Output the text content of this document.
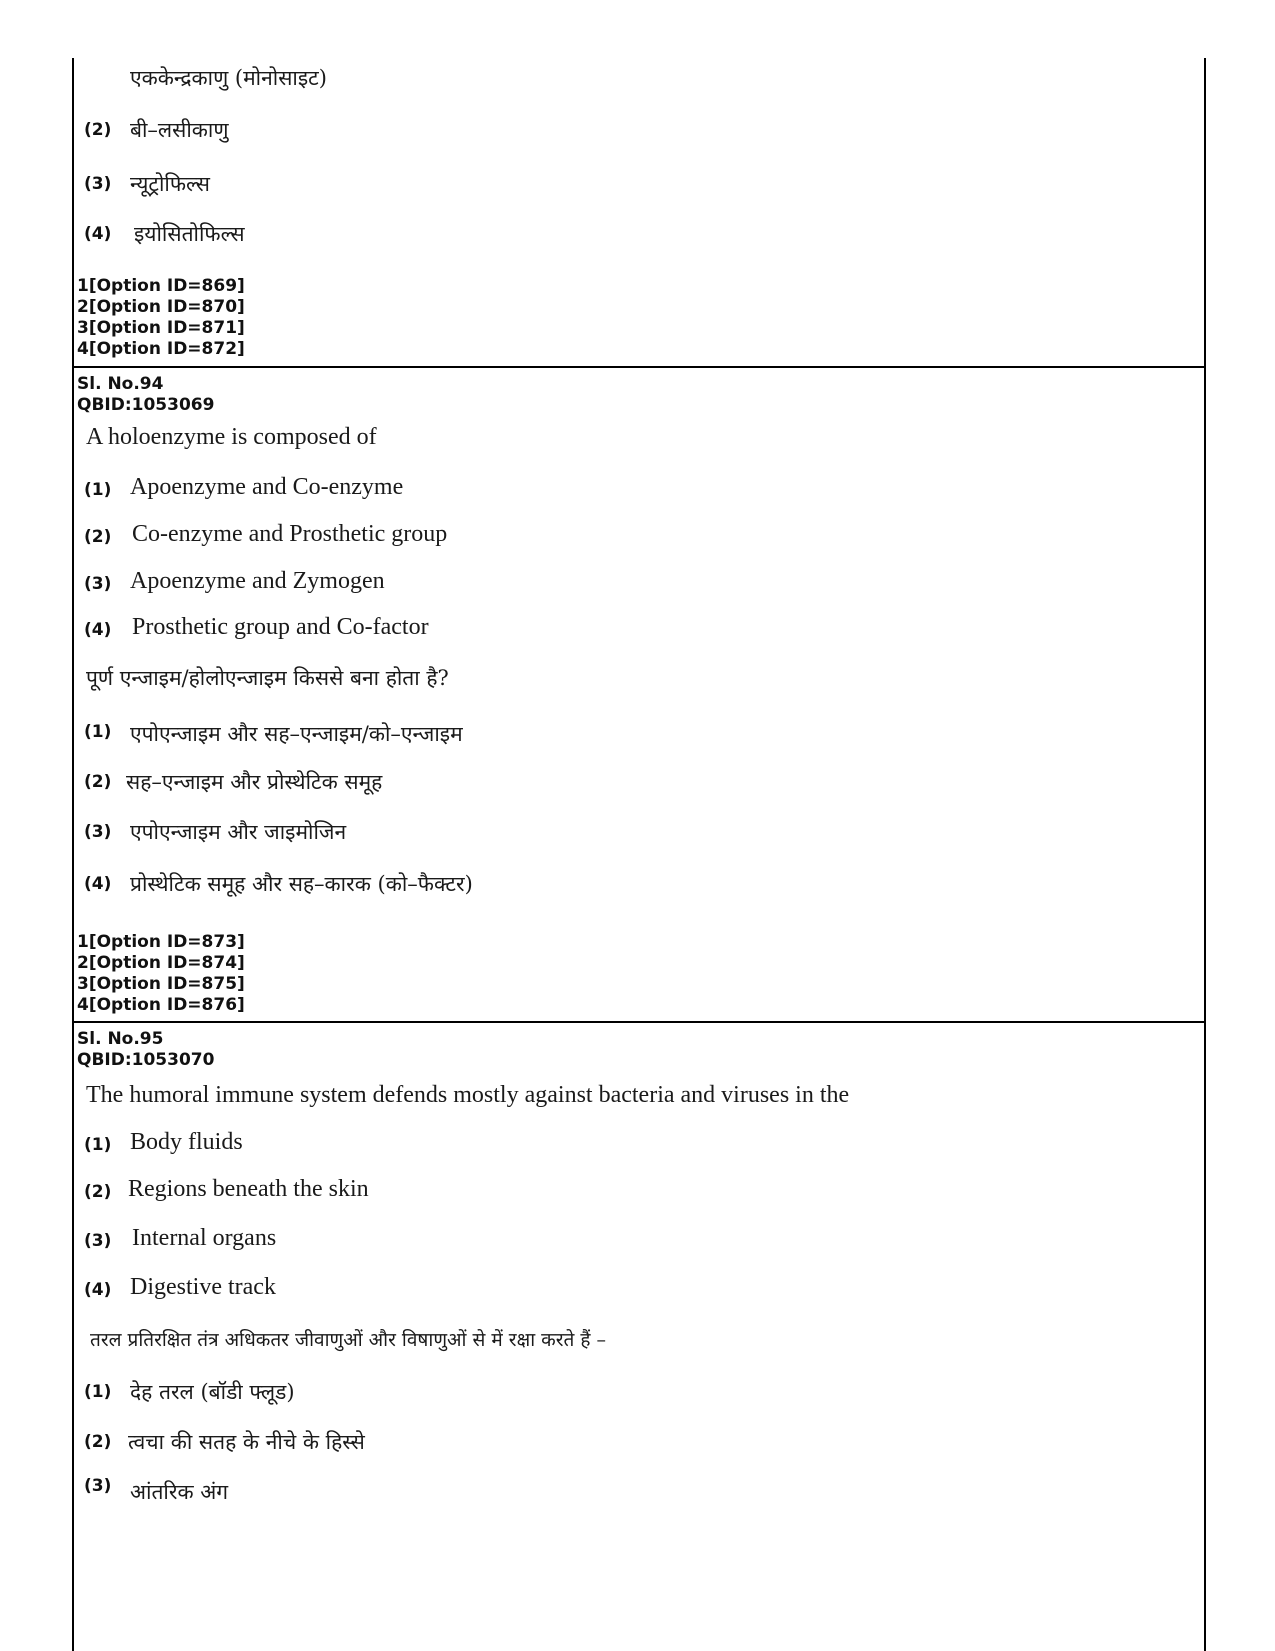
एककेन्द्रकाणु (मोनोसाइट)
(2) बी–लसीकाणु
(3) न्यूट्रोफिल्स
(4) इयोसितोफिल्स
1[Option ID=869]
2[Option ID=870]
3[Option ID=871]
4[Option ID=872]
Sl. No.94
QBID:1053069
A holoenzyme is composed of
(1) Apoenzyme and Co-enzyme
(2) Co-enzyme and Prosthetic group
(3) Apoenzyme and Zymogen
(4) Prosthetic group and Co-factor
पूर्ण एन्जाइम/होलोएन्जाइम किससे बना होता है?
(1) एपोएन्जाइम और सह–एन्जाइम/को–एन्जाइम
(2) सह–एन्जाइम और प्रोस्थेटिक समूह
(3) एपोएन्जाइम और जाइमोजिन
(4) प्रोस्थेटिक समूह और सह–कारक (को–फैक्टर)
1[Option ID=873]
2[Option ID=874]
3[Option ID=875]
4[Option ID=876]
Sl. No.95
QBID:1053070
The humoral immune system defends mostly against bacteria and viruses in the
(1) Body fluids
(2) Regions beneath the skin
(3) Internal organs
(4) Digestive track
तरल प्रतिरक्षित तंत्र अधिकतर जीवाणुओं और विषाणुओं से में रक्षा करते हैं –
(1) देह तरल (बॉडी फ्लूड)
(2) त्वचा की सतह के नीचे के हिस्से
(3) आंतरिक अंग
